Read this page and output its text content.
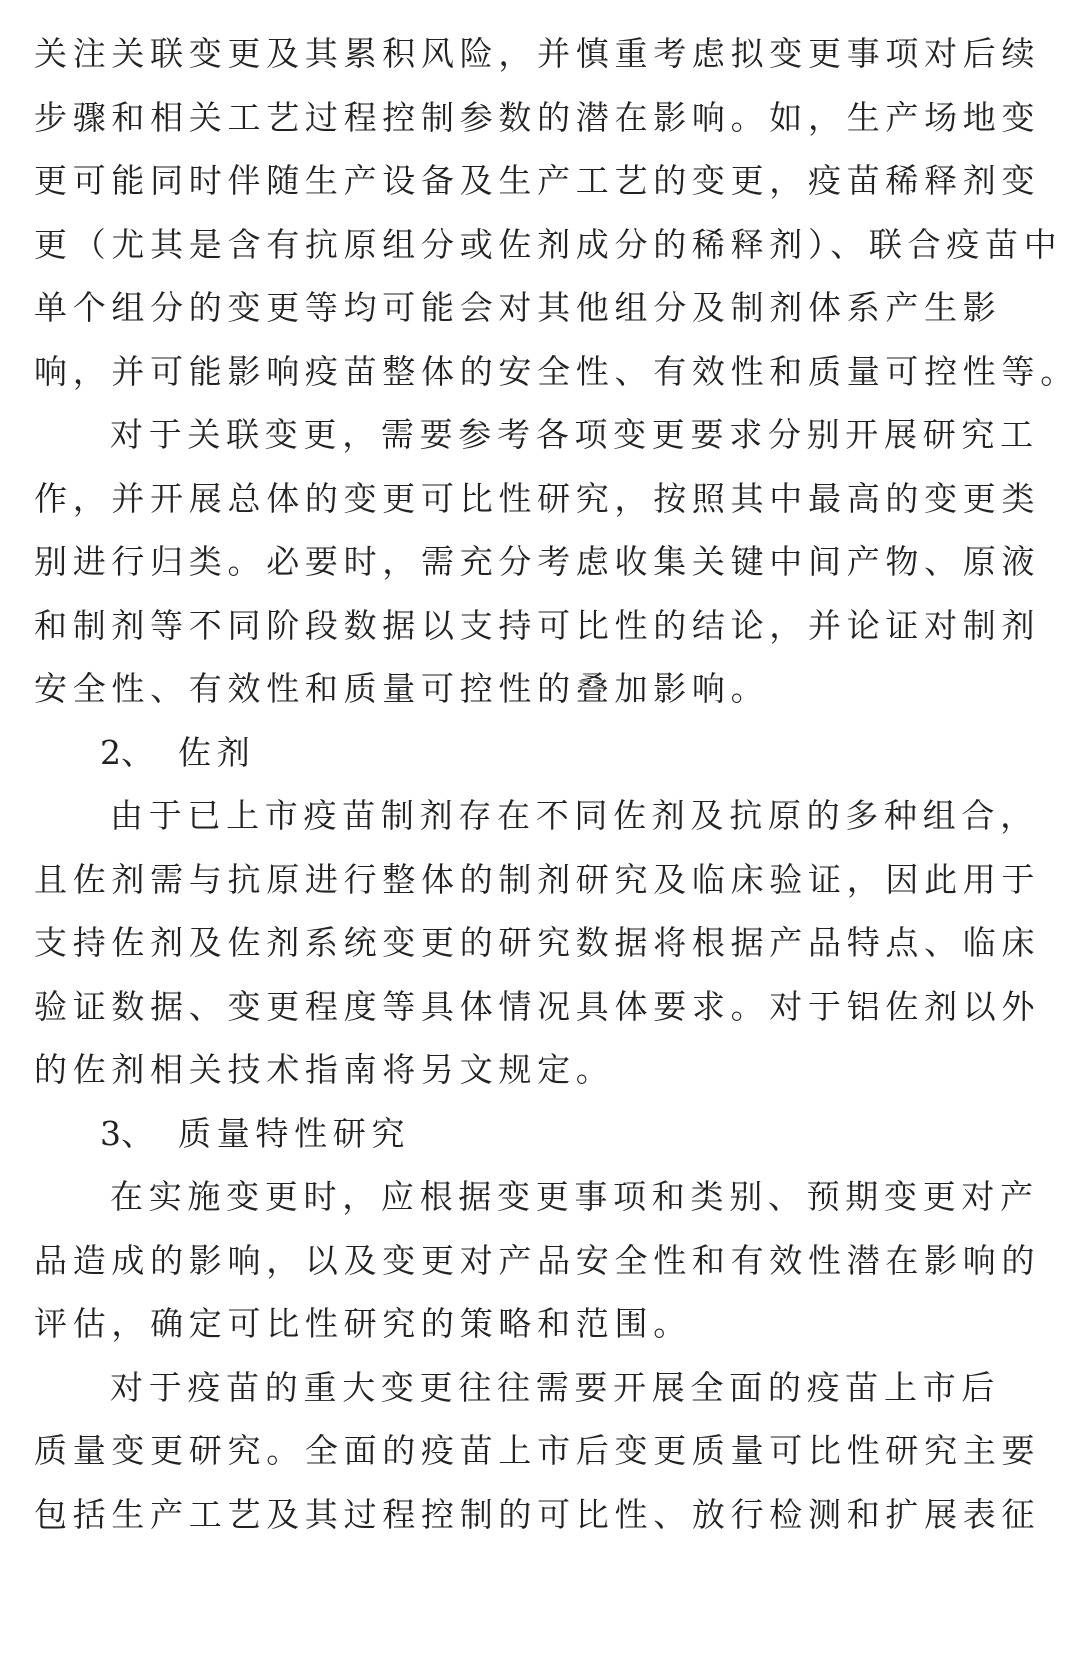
关注关联变更及其累积风险，并慎重考虑拟变更事项对后续
步骤和相关工艺过程控制参数的潜在影响。如，生产场地变
更可能同时伴随生产设备及生产工艺的变更，疫苗稀释剂变
更（尤其是含有抗原组分或佐剂成分的稀释剂）、联合疫苗中
单个组分的变更等均可能会对其他组分及制剂体系产生影
响，并可能影响疫苗整体的安全性、有效性和质量可控性等。
对于关联变更，需要参考各项变更要求分别开展研究工
作，并开展总体的变更可比性研究，按照其中最高的变更类
别进行归类。必要时，需充分考虑收集关键中间产物、原液
和制剂等不同阶段数据以支持可比性的结论，并论证对制剂
安全性、有效性和质量可控性的叠加影响。
2、 佐剂
由于已上市疫苗制剂存在不同佐剂及抗原的多种组合，
且佐剂需与抗原进行整体的制剂研究及临床验证，因此用于
支持佐剂及佐剂系统变更的研究数据将根据产品特点、临床
验证数据、变更程度等具体情况具体要求。对于铝佐剂以外
的佐剂相关技术指南将另文规定。
3、 质量特性研究
在实施变更时，应根据变更事项和类别、预期变更对产
品造成的影响，以及变更对产品安全性和有效性潜在影响的
评估，确定可比性研究的策略和范围。
对于疫苗的重大变更往往需要开展全面的疫苗上市后
质量变更研究。全面的疫苗上市后变更质量可比性研究主要
包括生产工艺及其过程控制的可比性、放行检测和扩展表征
